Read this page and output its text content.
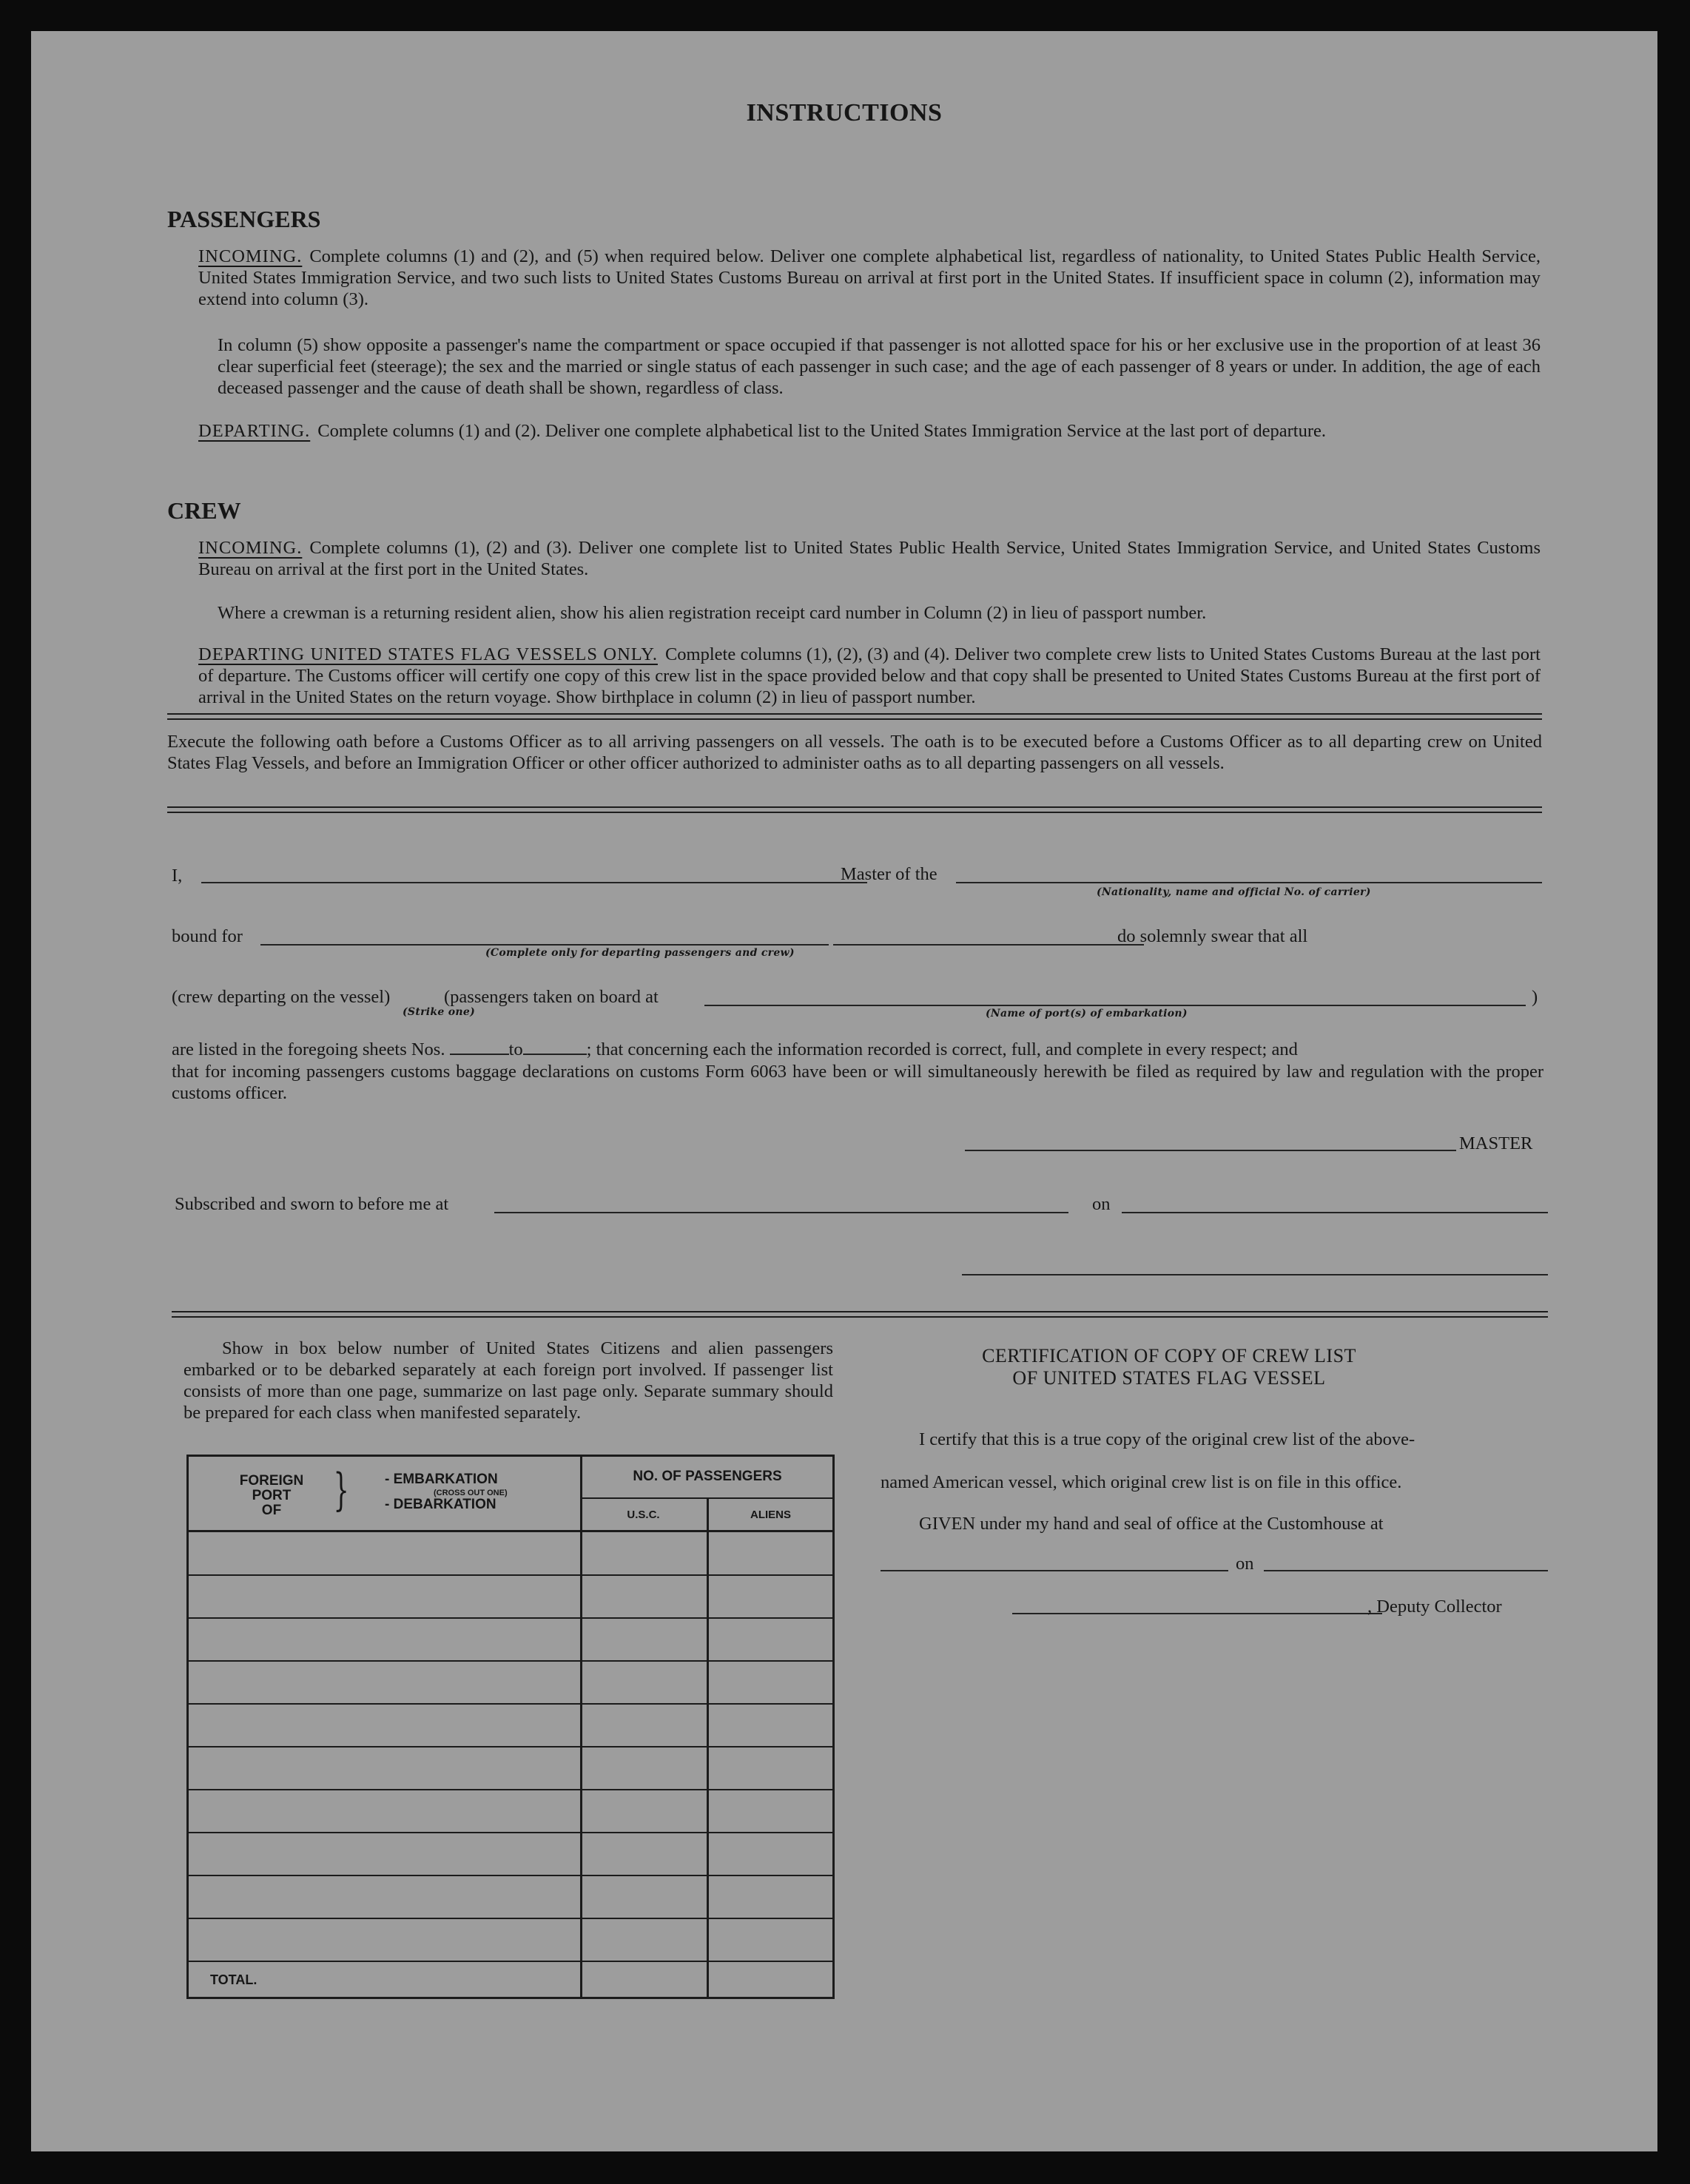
INSTRUCTIONS
PASSENGERS
INCOMING. Complete columns (1) and (2), and (5) when required below. Deliver one complete alphabetical list, regardless of nationality, to United States Public Health Service, United States Immigration Service, and two such lists to United States Customs Bureau on arrival at first port in the United States. If insufficient space in column (2), information may extend into column (3).
In column (5) show opposite a passenger's name the compartment or space occupied if that passenger is not allotted space for his or her exclusive use in the proportion of at least 36 clear superficial feet (steerage); the sex and the married or single status of each passenger in such case; and the age of each passenger of 8 years or under. In addition, the age of each deceased passenger and the cause of death shall be shown, regardless of class.
DEPARTING. Complete columns (1) and (2). Deliver one complete alphabetical list to the United States Immigration Service at the last port of departure.
CREW
INCOMING. Complete columns (1), (2) and (3). Deliver one complete list to United States Public Health Service, United States Immigration Service, and United States Customs Bureau on arrival at the first port in the United States.
Where a crewman is a returning resident alien, show his alien registration receipt card number in Column (2) in lieu of passport number.
DEPARTING UNITED STATES FLAG VESSELS ONLY. Complete columns (1), (2), (3) and (4). Deliver two complete crew lists to United States Customs Bureau at the last port of departure. The Customs officer will certify one copy of this crew list in the space provided below and that copy shall be presented to United States Customs Bureau at the first port of arrival in the United States on the return voyage. Show birthplace in column (2) in lieu of passport number.
Execute the following oath before a Customs Officer as to all arriving passengers on all vessels. The oath is to be executed before a Customs Officer as to all departing crew on United States Flag Vessels, and before an Immigration Officer or other officer authorized to administer oaths as to all departing passengers on all vessels.
I,	Master of the
(Nationality, name and official No. of carrier)
bound for	do solemnly swear that all
(Complete only for departing passengers and crew)
(crew departing on the vessel)
(Strike one)
(passengers taken on board at	)
(Name of port(s) of embarkation)
are listed in the foregoing sheets Nos.	to	; that concerning each the information recorded is correct, full, and complete in every respect; and
that for incoming passengers customs baggage declarations on customs Form 6063 have been or will simultaneously herewith be filed as required by law and regulation with the proper customs officer.
MASTER
Subscribed and sworn to before me at	on
Show in box below number of United States Citizens and alien passengers embarked or to be debarked separately at each foreign port involved. If passenger list consists of more than one page, summarize on last page only. Separate summary should be prepared for each class when manifested separately.
FOREIGN
PORT
OF	}	- EMBARKATION
(CROSS OUT ONE)
- DEBARKATION
NO. OF PASSENGERS
U.S.C.	ALIENS
TOTAL.
CERTIFICATION OF COPY OF CREW LIST
OF UNITED STATES FLAG VESSEL
I certify that this is a true copy of the original crew list of the above-
named American vessel, which original crew list is on file in this office.
GIVEN under my hand and seal of office at the Customhouse at
on
, Deputy Collector
